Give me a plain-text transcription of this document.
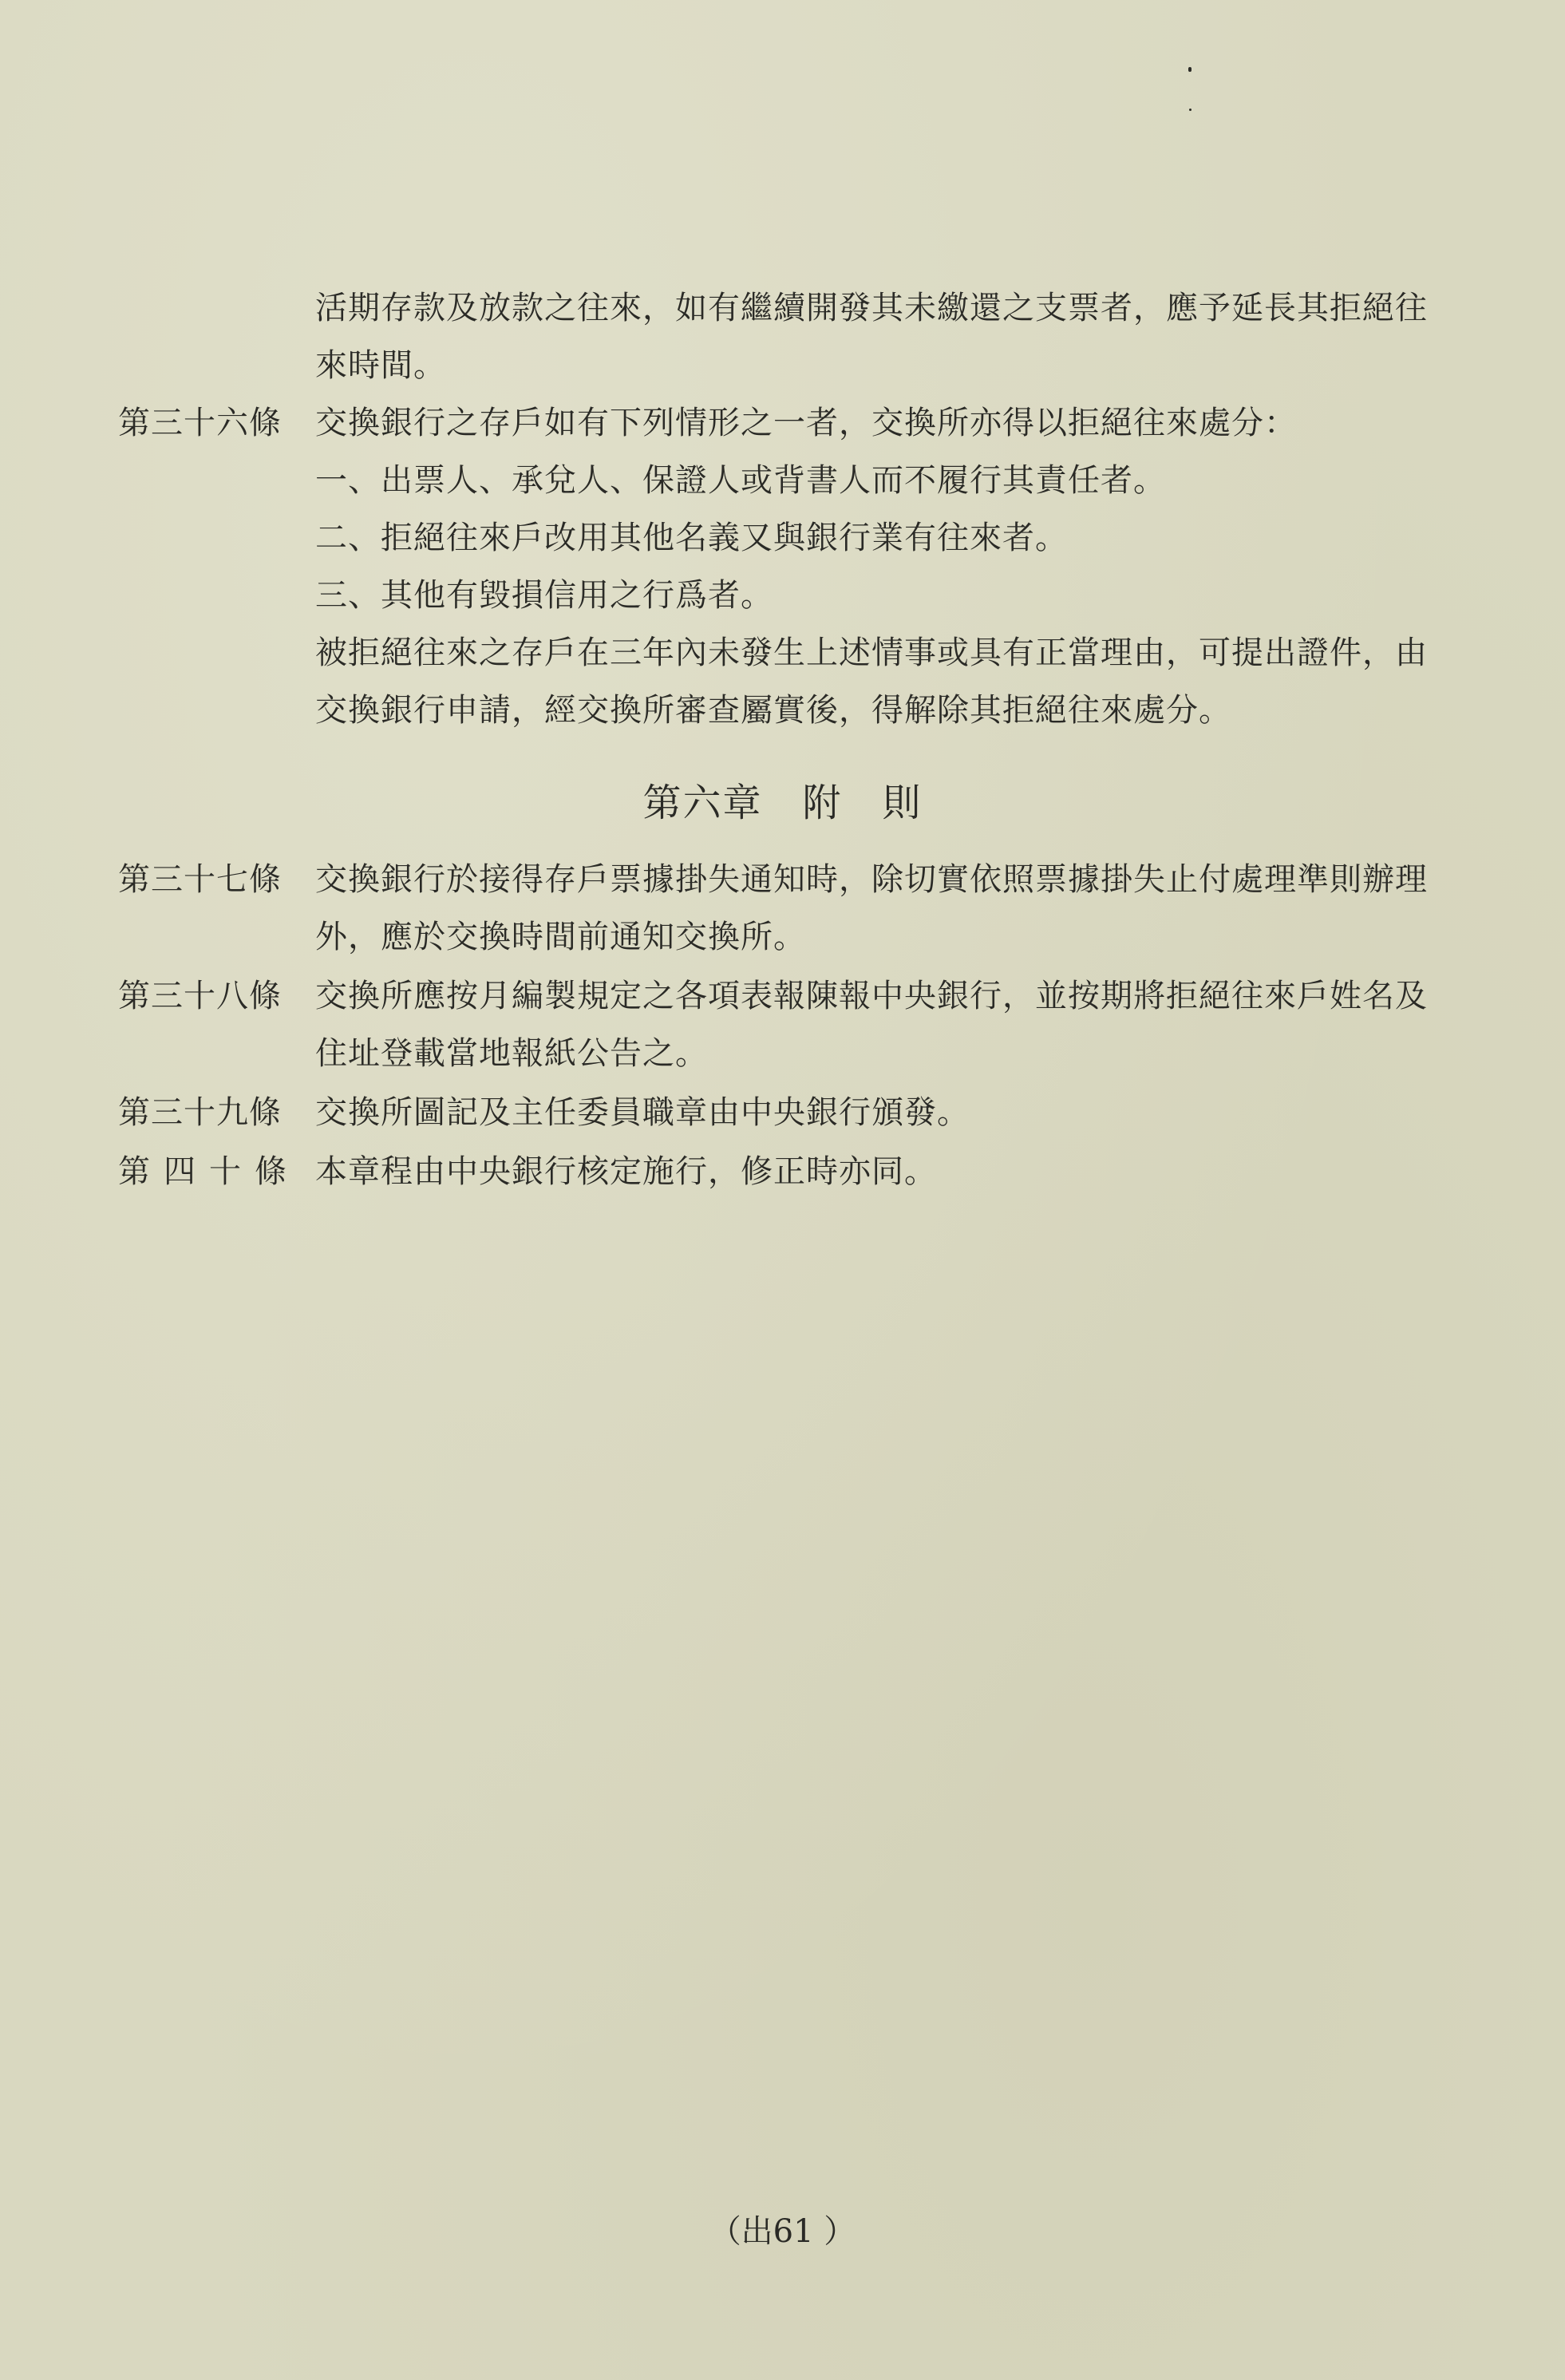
活期存款及放款之往來，如有繼續開發其未繳還之支票者，應予延長其拒絕往
來時間。
第三十六條 交換銀行之存戶如有下列情形之一者，交換所亦得以拒絕往來處分：
一、出票人、承兌人、保證人或背書人而不履行其責任者。
二、拒絕往來戶改用其他名義又與銀行業有往來者。
三、其他有毀損信用之行爲者。
被拒絕往來之存戶在三年內未發生上述情事或具有正當理由，可提出證件，由
交換銀行申請，經交換所審查屬實後，得解除其拒絕往來處分。
第六章　附　則
第三十七條 交換銀行於接得存戶票據掛失通知時，除切實依照票據掛失止付處理準則辦理
外，應於交換時間前通知交換所。
第三十八條 交換所應按月編製規定之各項表報陳報中央銀行，並按期將拒絕往來戶姓名及
住址登載當地報紙公告之。
第三十九條 交換所圖記及主任委員職章由中央銀行頒發。
第四十條 本章程由中央銀行核定施行，修正時亦同。
（出61 ）
